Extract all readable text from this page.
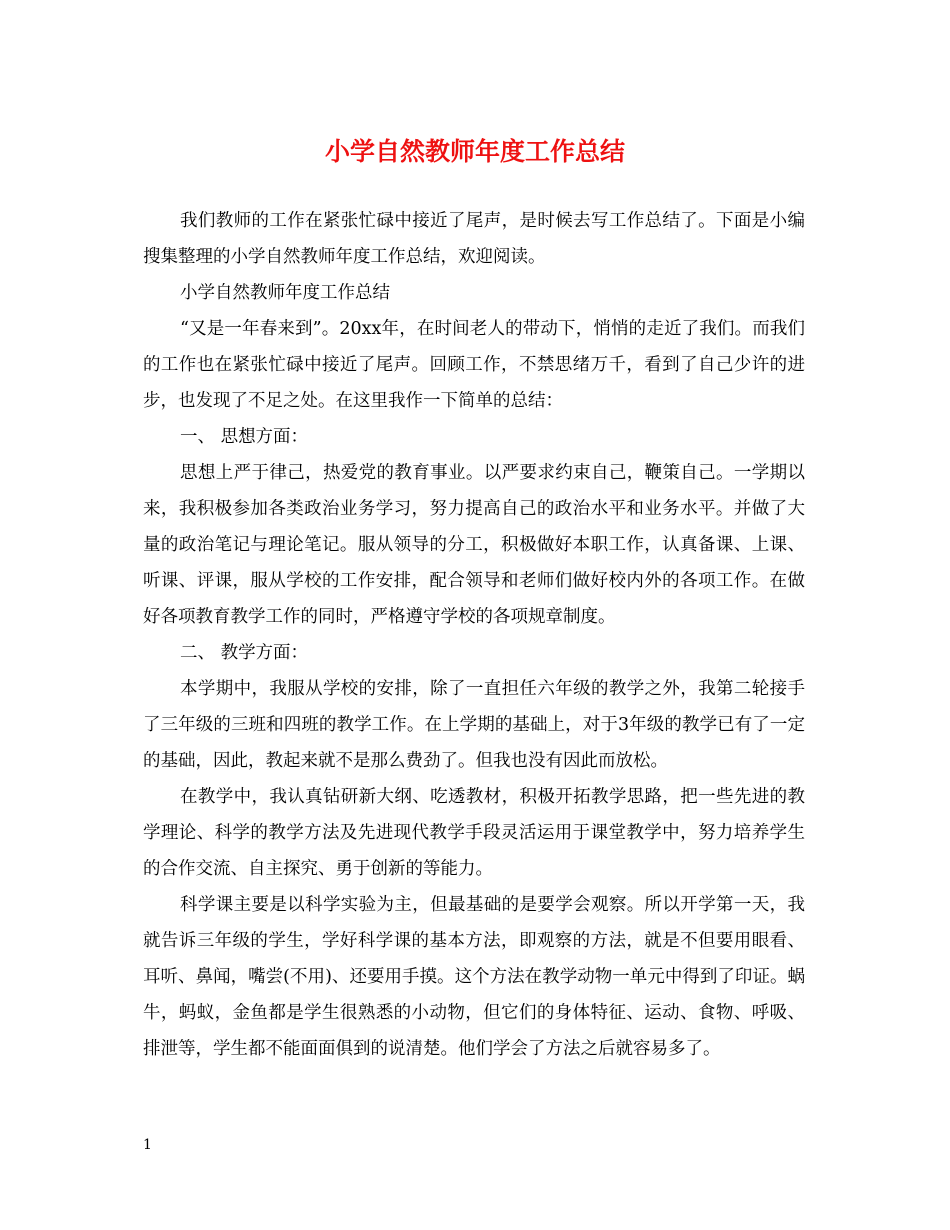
小学自然教师年度工作总结

我们教师的工作在紧张忙碌中接近了尾声，是时候去写工作总结了。下面是小编搜集整理的小学自然教师年度工作总结，欢迎阅读。

小学自然教师年度工作总结

“又是一年春来到”。20xx年，在时间老人的带动下，悄悄的走近了我们。而我们的工作也在紧张忙碌中接近了尾声。回顾工作，不禁思绪万千，看到了自己少许的进步，也发现了不足之处。在这里我作一下简单的总结：

一、 思想方面：

思想上严于律己，热爱党的教育事业。以严要求约束自己，鞭策自己。一学期以来，我积极参加各类政治业务学习，努力提高自己的政治水平和业务水平。并做了大量的政治笔记与理论笔记。服从领导的分工，积极做好本职工作，认真备课、上课、听课、评课，服从学校的工作安排，配合领导和老师们做好校内外的各项工作。在做好各项教育教学工作的同时，严格遵守学校的各项规章制度。

二、 教学方面：

本学期中，我服从学校的安排，除了一直担任六年级的教学之外，我第二轮接手了三年级的三班和四班的教学工作。在上学期的基础上，对于3年级的教学已有了一定的基础，因此，教起来就不是那么费劲了。但我也没有因此而放松。

在教学中，我认真钻研新大纲、吃透教材，积极开拓教学思路，把一些先进的教学理论、科学的教学方法及先进现代教学手段灵活运用于课堂教学中，努力培养学生的合作交流、自主探究、勇于创新的等能力。

科学课主要是以科学实验为主，但最基础的是要学会观察。所以开学第一天，我就告诉三年级的学生，学好科学课的基本方法，即观察的方法，就是不但要用眼看、耳听、鼻闻，嘴尝(不用)、还要用手摸。这个方法在教学动物一单元中得到了印证。蜗牛，蚂蚁，金鱼都是学生很熟悉的小动物，但它们的身体特征、运动、食物、呼吸、排泄等，学生都不能面面俱到的说清楚。他们学会了方法之后就容易多了。

1
